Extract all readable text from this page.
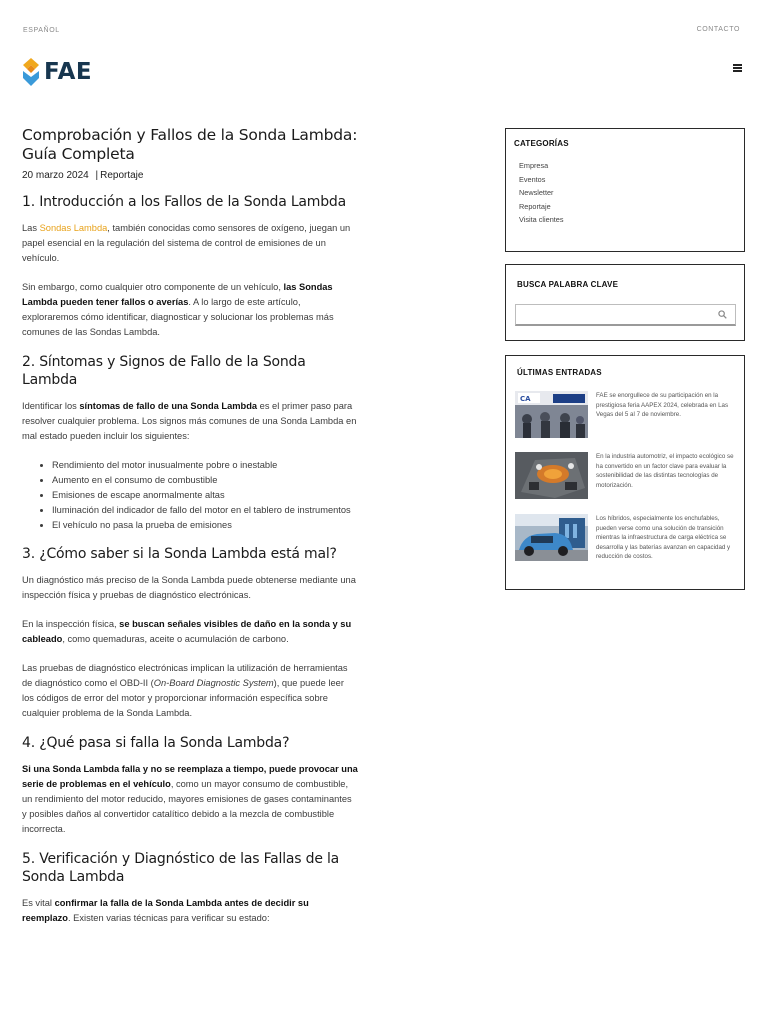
ESPAÑOL	CONTACTO
FAE
Comprobación y Fallos de la Sonda Lambda: Guía Completa
20 marzo 2024 | Reportaje
1. Introducción a los Fallos de la Sonda Lambda

Las Sondas Lambda, también conocidas como sensores de oxígeno, juegan un papel esencial en la regulación del sistema de control de emisiones de un vehículo.

Sin embargo, como cualquier otro componente de un vehículo, las Sondas Lambda pueden tener fallos o averías. A lo largo de este artículo, exploraremos cómo identificar, diagnosticar y solucionar los problemas más comunes de las Sondas Lambda.

2. Síntomas y Signos de Fallo de la Sonda Lambda

Identificar los síntomas de fallo de una Sonda Lambda es el primer paso para resolver cualquier problema. Los signos más comunes de una Sonda Lambda en mal estado pueden incluir los siguientes:

• Rendimiento del motor inusualmente pobre o inestable
• Aumento en el consumo de combustible
• Emisiones de escape anormalmente altas
• Iluminación del indicador de fallo del motor en el tablero de instrumentos
• El vehículo no pasa la prueba de emisiones
3. ¿Cómo saber si la Sonda Lambda está mal?

Un diagnóstico más preciso de la Sonda Lambda puede obtenerse mediante una inspección física y pruebas de diagnóstico electrónicas.

En la inspección física, se buscan señales visibles de daño en la sonda y su cableado, como quemaduras, aceite o acumulación de carbono.

Las pruebas de diagnóstico electrónicas implican la utilización de herramientas de diagnóstico como el OBD-II (On-Board Diagnostic System), que puede leer los códigos de error del motor y proporcionar información específica sobre cualquier problema de la Sonda Lambda.

4. ¿Qué pasa si falla la Sonda Lambda?

Si una Sonda Lambda falla y no se reemplaza a tiempo, puede provocar una serie de problemas en el vehículo, como un mayor consumo de combustible, un rendimiento del motor reducido, mayores emisiones de gases contaminantes y posibles daños al convertidor catalítico debido a la mezcla de combustible incorrecta.

5. Verificación y Diagnóstico de las Fallas de la Sonda Lambda

Es vital confirmar la falla de la Sonda Lambda antes de decidir su reemplazo. Existen varias técnicas para verificar su estado:

CATEGORÍAS
Empresa
Eventos
Newsletter
Reportaje
Visita clientes
BUSCA PALABRA CLAVE
ÚLTIMAS ENTRADAS
CA	FAE se enorgullece de su participación en la prestigiosa feria AAPEX 2024, celebrada en Las Vegas del 5 al 7 de noviembre.
En la industria automotriz, el impacto ecológico se ha convertido en un factor clave para evaluar la sostenibilidad de las distintas tecnologías de motorización.
Los híbridos, especialmente los enchufables, pueden verse como una solución de transición mientras la infraestructura de carga eléctrica se desarrolla y las baterías avanzan en capacidad y reducción de costos.
